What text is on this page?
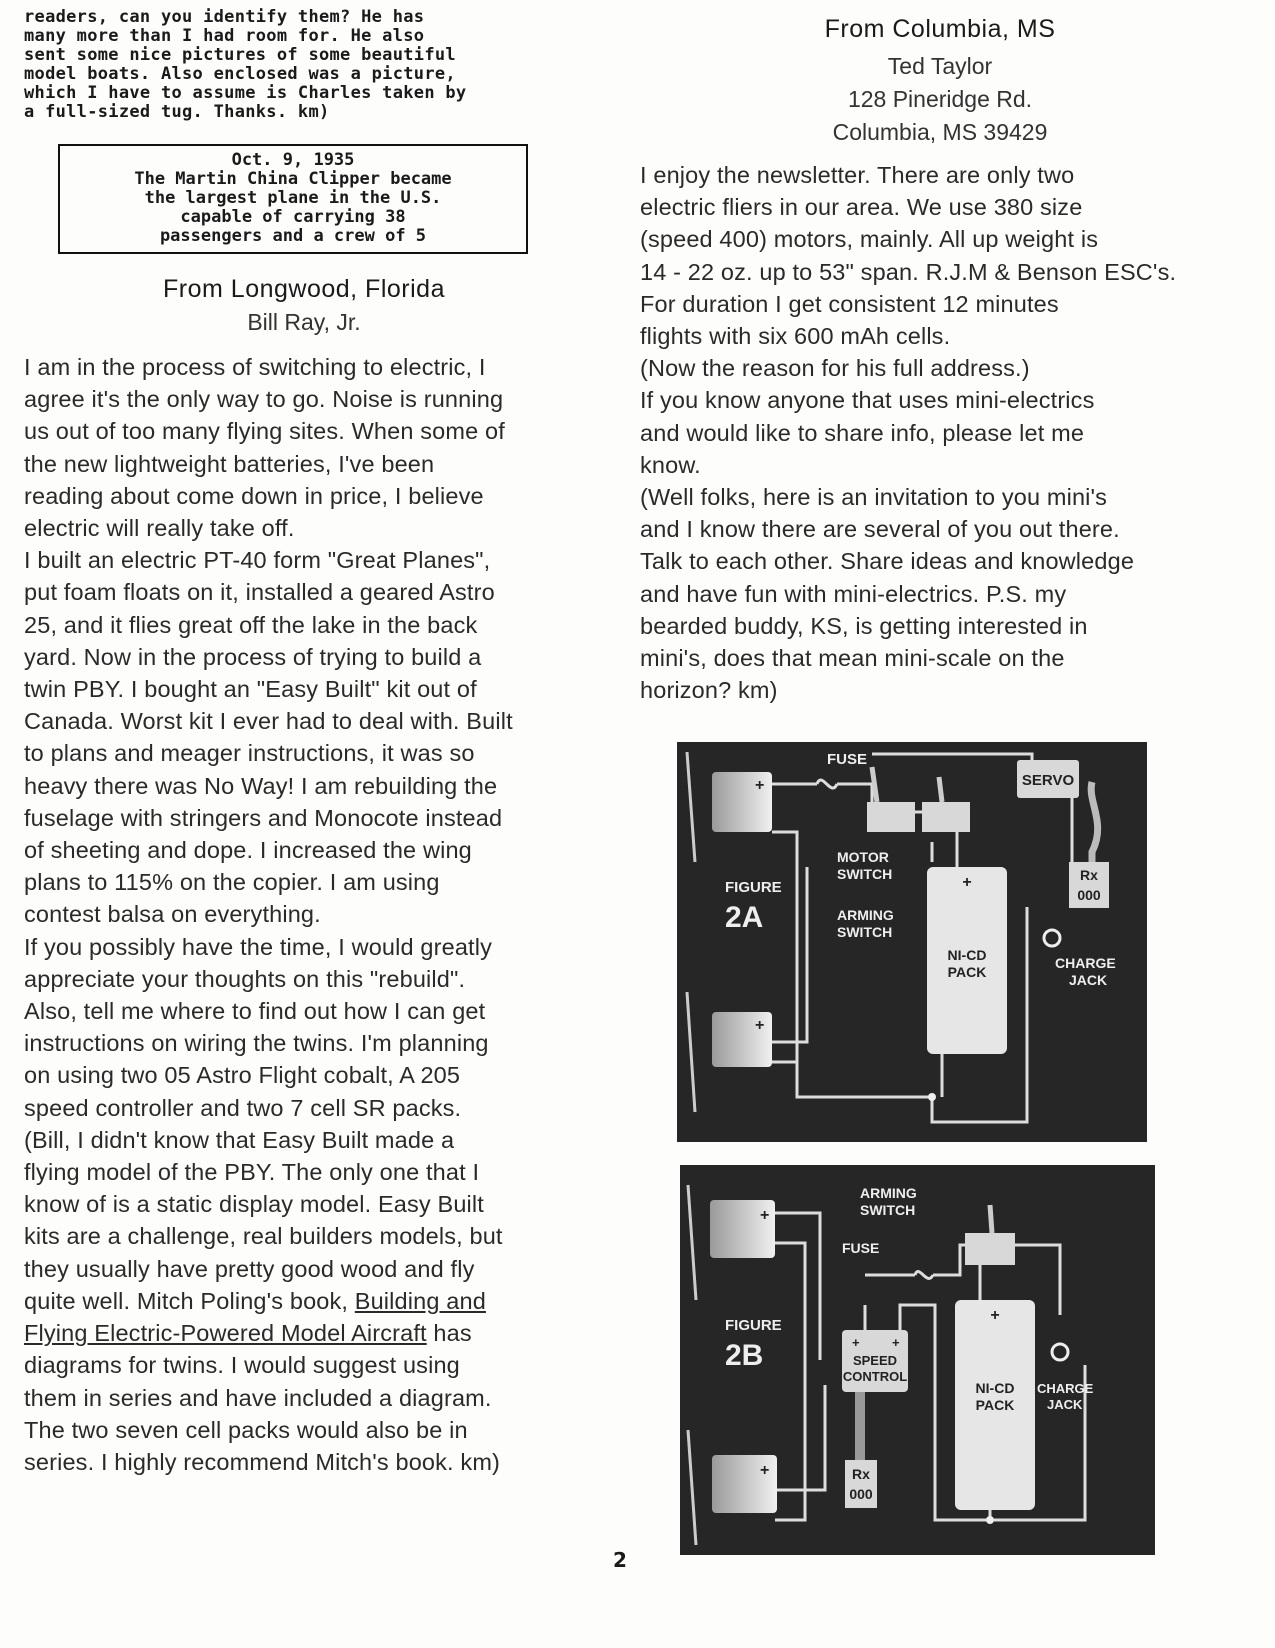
readers, can you identify them? He has
many more than I had room for. He also
sent some nice pictures of some beautiful
model boats. Also enclosed was a picture,
which I have to assume is Charles taken by
a full-sized tug. Thanks. km)
Oct. 9, 1935
The Martin China Clipper became
the largest plane in the U.S.
capable of carrying 38
passengers and a crew of 5
From Longwood, Florida
Bill Ray, Jr.
I am in the process of switching to electric, I
agree it's the only way to go. Noise is running
us out of too many flying sites. When some of
the new lightweight batteries, I've been
reading about come down in price, I believe
electric will really take off.
I built an electric PT-40 form "Great Planes",
put foam floats on it, installed a geared Astro
25, and it flies great off the lake in the back
yard. Now in the process of trying to build a
twin PBY. I bought an "Easy Built" kit out of
Canada. Worst kit I ever had to deal with. Built
to plans and meager instructions, it was so
heavy there was No Way! I am rebuilding the
fuselage with stringers and Monocote instead
of sheeting and dope. I increased the wing
plans to 115% on the copier. I am using
contest balsa on everything.
If you possibly have the time, I would greatly
appreciate your thoughts on this "rebuild".
Also, tell me where to find out how I can get
instructions on wiring the twins. I'm planning
on using two 05 Astro Flight cobalt, A 205
speed controller and two 7 cell SR packs.
(Bill, I didn't know that Easy Built made a
flying model of the PBY. The only one that I
know of is a static display model. Easy Built
kits are a challenge, real builders models, but
they usually have pretty good wood and fly
quite well. Mitch Poling's book, Building and
Flying Electric-Powered Model Aircraft has
diagrams for twins. I would suggest using
them in series and have included a diagram.
The two seven cell packs would also be in
series. I highly recommend Mitch's book. km)
From Columbia, MS
Ted Taylor
128 Pineridge Rd.
Columbia, MS 39429
I enjoy the newsletter. There are only two
electric fliers in our area. We use 380 size
(speed 400) motors, mainly. All up weight is
14 - 22 oz. up to 53" span. R.J.M & Benson ESC's.
For duration I get consistent 12 minutes
flights with six 600 mAh cells.
(Now the reason for his full address.)
If you know anyone that uses mini-electrics
and would like to share info, please let me
know.
(Well folks, here is an invitation to you mini's
and I know there are several of you out there.
Talk to each other. Share ideas and knowledge
and have fun with mini-electrics. P.S. my
bearded buddy, KS, is getting interested in
mini's, does that mean mini-scale on the
horizon? km)
+
+
SERVO
Rx
000
+
NI-CD
PACK
FUSE
MOTOR
SWITCH
ARMING
SWITCH
CHARGE
JACK
FIGURE
2A
+
+
+ +
SPEED
CONTROL
Rx
000
+
NI-CD
PACK
ARMING
SWITCH
FUSE
CHARGE
JACK
FIGURE
2B
2
